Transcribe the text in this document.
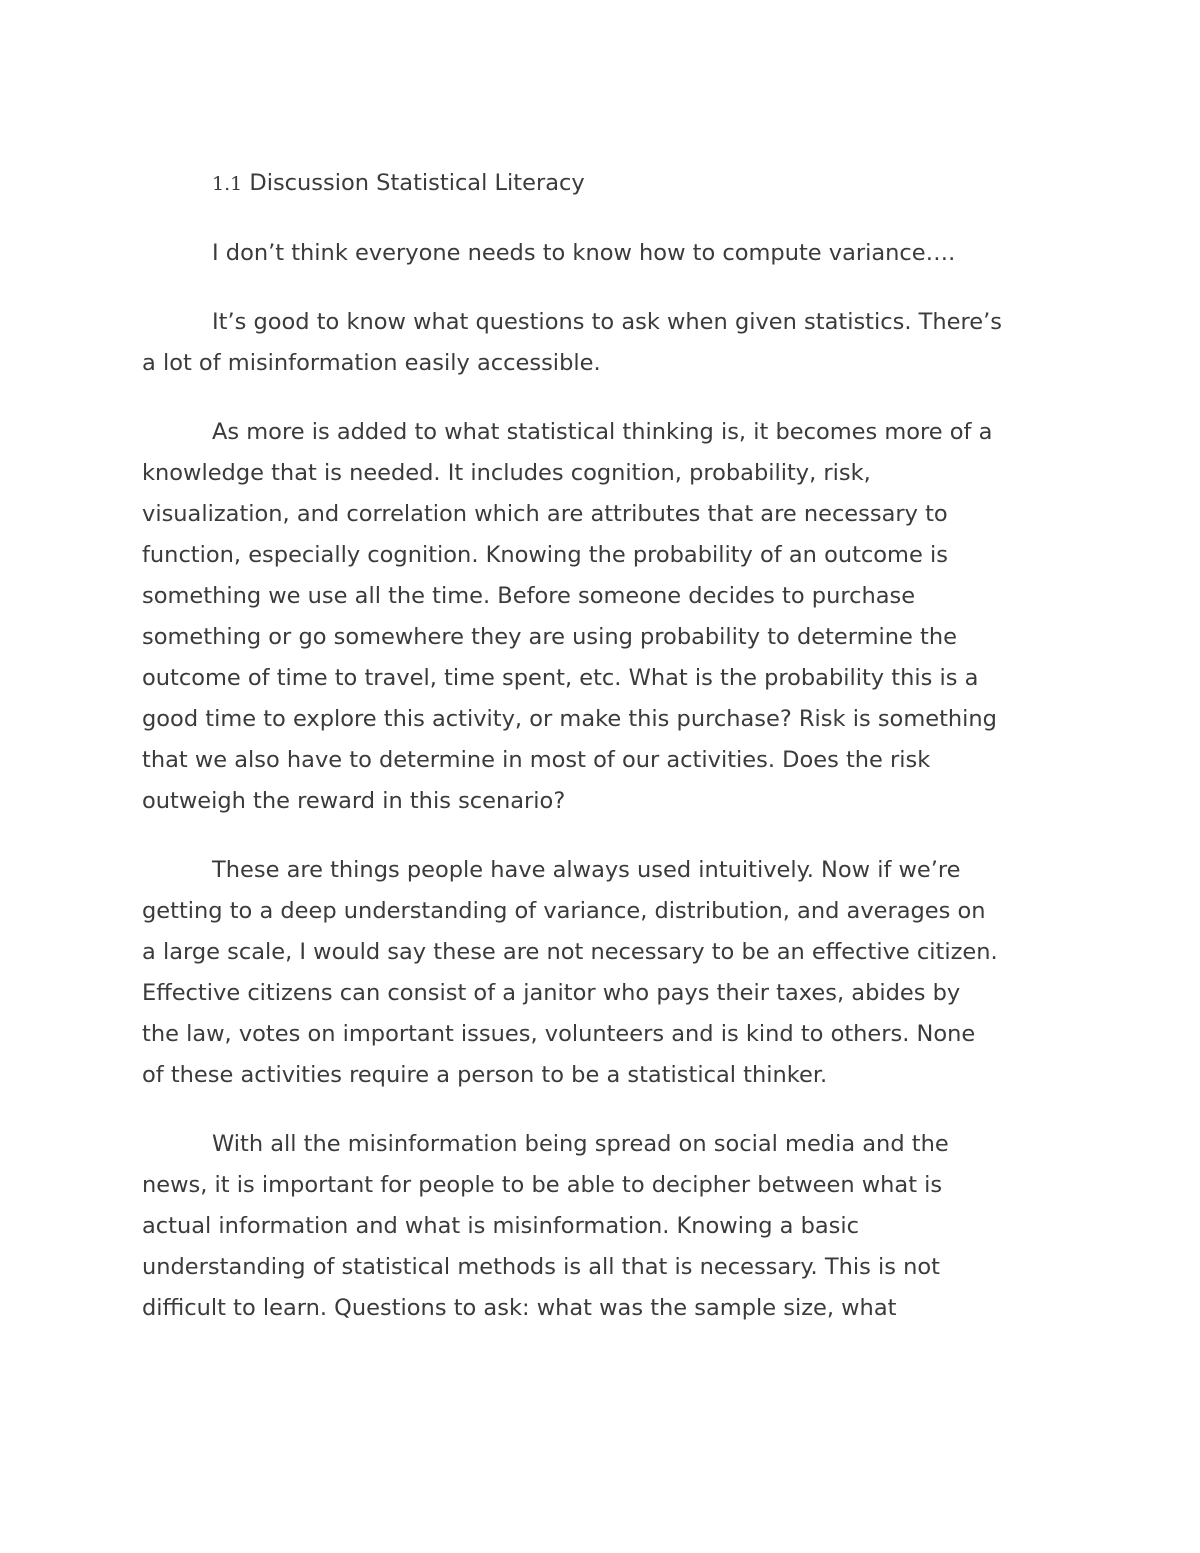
1.1 Discussion Statistical Literacy

I don’t think everyone needs to know how to compute variance….

It’s good to know what questions to ask when given statistics. There’s a lot of misinformation easily accessible.

As more is added to what statistical thinking is, it becomes more of a knowledge that is needed. It includes cognition, probability, risk, visualization, and correlation which are attributes that are necessary to function, especially cognition. Knowing the probability of an outcome is something we use all the time. Before someone decides to purchase something or go somewhere they are using probability to determine the outcome of time to travel, time spent, etc. What is the probability this is a good time to explore this activity, or make this purchase? Risk is something that we also have to determine in most of our activities. Does the risk outweigh the reward in this scenario?

These are things people have always used intuitively. Now if we’re getting to a deep understanding of variance, distribution, and averages on a large scale, I would say these are not necessary to be an effective citizen. Effective citizens can consist of a janitor who pays their taxes, abides by the law, votes on important issues, volunteers and is kind to others. None of these activities require a person to be a statistical thinker.

With all the misinformation being spread on social media and the news, it is important for people to be able to decipher between what is actual information and what is misinformation. Knowing a basic understanding of statistical methods is all that is necessary. This is not difficult to learn. Questions to ask: what was the sample size, what
